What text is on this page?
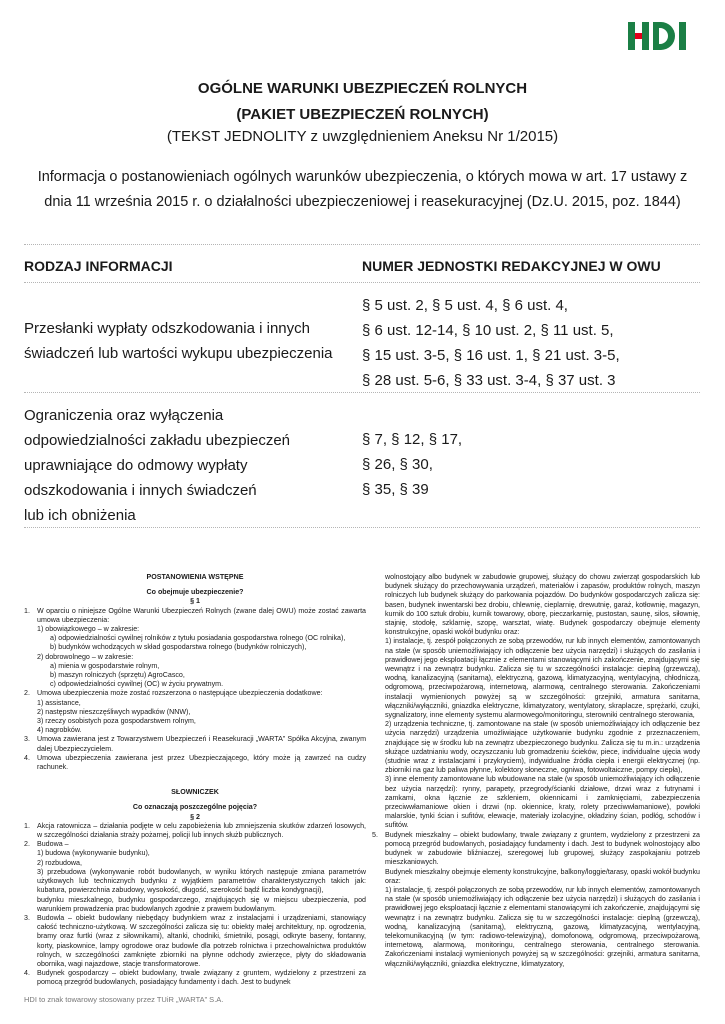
OGÓLNE WARUNKI UBEZPIECZEŃ ROLNYCH
(PAKIET UBEZPIECZEŃ ROLNYCH)
(TEKST JEDNOLITY z uwzględnieniem Aneksu Nr 1/2015)
Informacja o postanowieniach ogólnych warunków ubezpieczenia, o których mowa w art. 17 ustawy z dnia 11 września 2015 r. o działalności ubezpieczeniowej i reasekuracyjnej (Dz.U. 2015, poz. 1844)
RODZAJ INFORMACJI	NUMER JEDNOSTKI REDAKCYJNEJ W OWU
Przesłanki wypłaty odszkodowania i innych
świadczeń lub wartości wykupu ubezpieczenia
§ 5 ust. 2, § 5 ust. 4, § 6 ust. 4,
§ 6 ust. 12-14, § 10 ust. 2, § 11 ust. 5,
§ 15 ust. 3-5, § 16 ust. 1, § 21 ust. 3-5,
§ 28 ust. 5-6, § 33 ust. 3-4, § 37 ust. 3
Ograniczenia oraz wyłączenia
odpowiedzialności zakładu ubezpieczeń
uprawniające do odmowy wypłaty
odszkodowania i innych świadczeń
lub ich obniżenia
§ 7, § 12, § 17,
§ 26, § 30,
§ 35, § 39
POSTANOWIENIA WSTĘPNE
Co obejmuje ubezpieczenie?
§ 1
1. W oparciu o niniejsze Ogólne Warunki Ubezpieczeń Rolnych (zwane dalej OWU) może zostać zawarta umowa ubezpieczenia:
1) obowiązkowego – w zakresie:
a) odpowiedzialności cywilnej rolników z tytułu posiadania gospodarstwa rolnego (OC rolnika),
b) budynków wchodzących w skład gospodarstwa rolnego (budynków rolniczych),
2) dobrowolnego – w zakresie:
a) mienia w gospodarstwie rolnym,
b) maszyn rolniczych (sprzętu) AgroCasco,
c) odpowiedzialności cywilnej (OC) w życiu prywatnym.
2. Umowa ubezpieczenia może zostać rozszerzona o następujące ubezpieczenia dodatkowe:
1) assistance,
2) następstw nieszczęśliwych wypadków (NNW),
3) rzeczy osobistych poza gospodarstwem rolnym,
4) nagrobków.
3. Umowa zawierana jest z Towarzystwem Ubezpieczeń i Reasekuracji „WARTA” Spółka Akcyjna, zwanym dalej Ubezpieczycielem.
4. Umowa ubezpieczenia zawierana jest przez Ubezpieczającego, który może ją zawrzeć na cudzy rachunek.
SŁOWNICZEK
Co oznaczają poszczególne pojęcia?
§ 2
1. Akcja ratownicza – działania podjęte w celu zapobieżenia lub zmniejszenia skutków zdarzeń losowych, w szczególności działania straży pożarnej, policji lub innych służb publicznych.
2. Budowa –
1) budowa (wykonywanie budynku),
2) rozbudowa,
3) przebudowa (wykonywanie robót budowlanych, w wyniku których następuje zmiana parametrów użytkowych lub technicznych budynku z wyjątkiem parametrów charakterystycznych takich jak: kubatura, powierzchnia zabudowy, wysokość, długość, szerokość bądź liczba kondygnacji),
budynku mieszkalnego, budynku gospodarczego, znajdujących się w miejscu ubezpieczenia, pod warunkiem prowadzenia prac budowlanych zgodnie z prawem budowlanym.
3. Budowla – obiekt budowlany niebędący budynkiem wraz z instalacjami i urządzeniami, stanowiący całość techniczno-użytkową. W szczególności zalicza się tu: obiekty małej architektury, np. ogrodzenia, bramy oraz furtki (wraz z siłownikami), altanki, chodniki, śmietniki, posągi, odkryte baseny, fontanny, korty, piaskownice, lampy ogrodowe oraz budowle dla potrzeb rolnictwa i przechowalnictwa produktów rolnych, w szczególności zamknięte zbiorniki na płynne odchody zwierzęce, płyty do składowania obornika, wagi najazdowe, stacje transformatorowe.
4. Budynek gospodarczy – obiekt budowlany, trwale związany z gruntem, wydzielony z przestrzeni za pomocą przegród budowlanych, posiadający fundamenty i dach. Jest to budynek
wolnostojący albo budynek w zabudowie grupowej, służący do chowu zwierząt gospodarskich lub budynek służący do przechowywania urządzeń, materiałów i zapasów, produktów rolnych, maszyn rolniczych lub budynek służący do parkowania pojazdów. Do budynków gospodarczych zalicza się: basen, budynek inwentarski bez drobiu, chlewnię, cieplarnię, drewutnię, garaż, kotłownię, magazyn, kurnik do 100 sztuk drobiu, kurnik towarowy, oborę, pieczarkarnię, pustostan, saunę, silos, siłownię, stajnię, stodołę, szklarnię, szopę, warsztat, wiatę. Budynek gospodarczy obejmuje elementy konstrukcyjne, opaski wokół budynku oraz:
1) instalacje, tj. zespół połączonych ze sobą przewodów, rur lub innych elementów, zamontowanych na stałe (w sposób uniemożliwiający ich odłączenie bez użycia narzędzi) i służących do zasilania i prawidłowej jego eksploatacji łącznie z elementami stanowiącymi ich zakończenie, znajdującymi się wewnątrz i na zewnątrz budynku. Zalicza się tu w szczególności instalacje: cieplną (grzewczą), wodną, kanalizacyjną (sanitarną), elektryczną, gazową, klimatyzacyjną, wentylacyjną, chłodniczą, odgromową, przeciwpożarową, internetową, alarmową, centralnego sterowania. Zakończeniami instalacji wymienionych powyżej są w szczególności: grzejniki, armatura sanitarna, włączniki/wyłączniki, gniazdka elektryczne, klimatyzatory, wentylatory, skraplacze, sprężarki, czujki, sygnalizatory, inne elementy systemu alarmowego/monitoringu, sterowniki centralnego sterowania,
2) urządzenia techniczne, tj. zamontowane na stałe (w sposób uniemożliwiający ich odłączenie bez użycia narzędzi) urządzenia umożliwiające użytkowanie budynku zgodnie z przeznaczeniem, znajdujące się w środku lub na zewnątrz ubezpieczonego budynku. Zalicza się tu m.in.: urządzenia służące uzdatnianiu wody, oczyszczaniu lub gromadzeniu ścieków, piece, individualne ujęcia wody (studnie wraz z instalacjami i przykryciem), indywidualne źródła ciepła i energii elektrycznej (np. zbiorniki na gaz lub paliwa płynne, kolektory słoneczne, ogniwa, fotowoltaiczne, pompy ciepła),
3) inne elementy zamontowane lub wbudowane na stałe (w sposób uniemożliwiający ich odłączenie bez użycia narzędzi): rynny, parapety, przegrody/ścianki działowe, drzwi wraz z futrynami i zamkami, okna łącznie ze szkleniem, okiennicami i zamknięciami, zabezpieczenia przeciwwłamaniowe okien i drzwi (np. okiennice, kraty, rolety przeciwwłamaniowe), powłoki malarskie, tynki ścian i sufitów, elewacje, materiały izolacyjne, okładziny ścian, podłóg, schodów i sufitów.
5. Budynek mieszkalny – obiekt budowlany, trwale związany z gruntem, wydzielony z przestrzeni za pomocą przegród budowlanych, posiadający fundamenty i dach. Jest to budynek wolnostojący albo budynek w zabudowie bliźniaczej, szeregowej lub grupowej, służący zaspokajaniu potrzeb mieszkaniowych.
Budynek mieszkalny obejmuje elementy konstrukcyjne, balkony/loggie/tarasy, opaski wokół budynku oraz:
1) instalacje, tj. zespół połączonych ze sobą przewodów, rur lub innych elementów, zamontowanych na stałe (w sposób uniemożliwiający ich odłączenie bez użycia narzędzi) i służących do zasilania i prawidłowej jego eksploatacji łącznie z elementami stanowiącymi ich zakończenie, znajdującymi się wewnątrz i na zewnątrz budynku. Zalicza się tu w szczególności instalacje: cieplną (grzewczą), wodną, kanalizacyjną (sanitarną), elektryczną, gazową, klimatyzacyjną, wentylacyjną, telekomunikacyjną (w tym: radiowo-telewizyjną), domofonową, odgromową, przeciwpożarową, internetową, alarmową, monitoringu, centralnego sterowania, centralnego sterowania. Zakończeniami instalacji wymienionych powyżej są w szczególności: grzejniki, armatura sanitarna, włączniki/wyłączniki, gniazdka elektryczne, klimatyzatory,
HDI to znak towarowy stosowany przez TUiR „WARTA” S.A.
